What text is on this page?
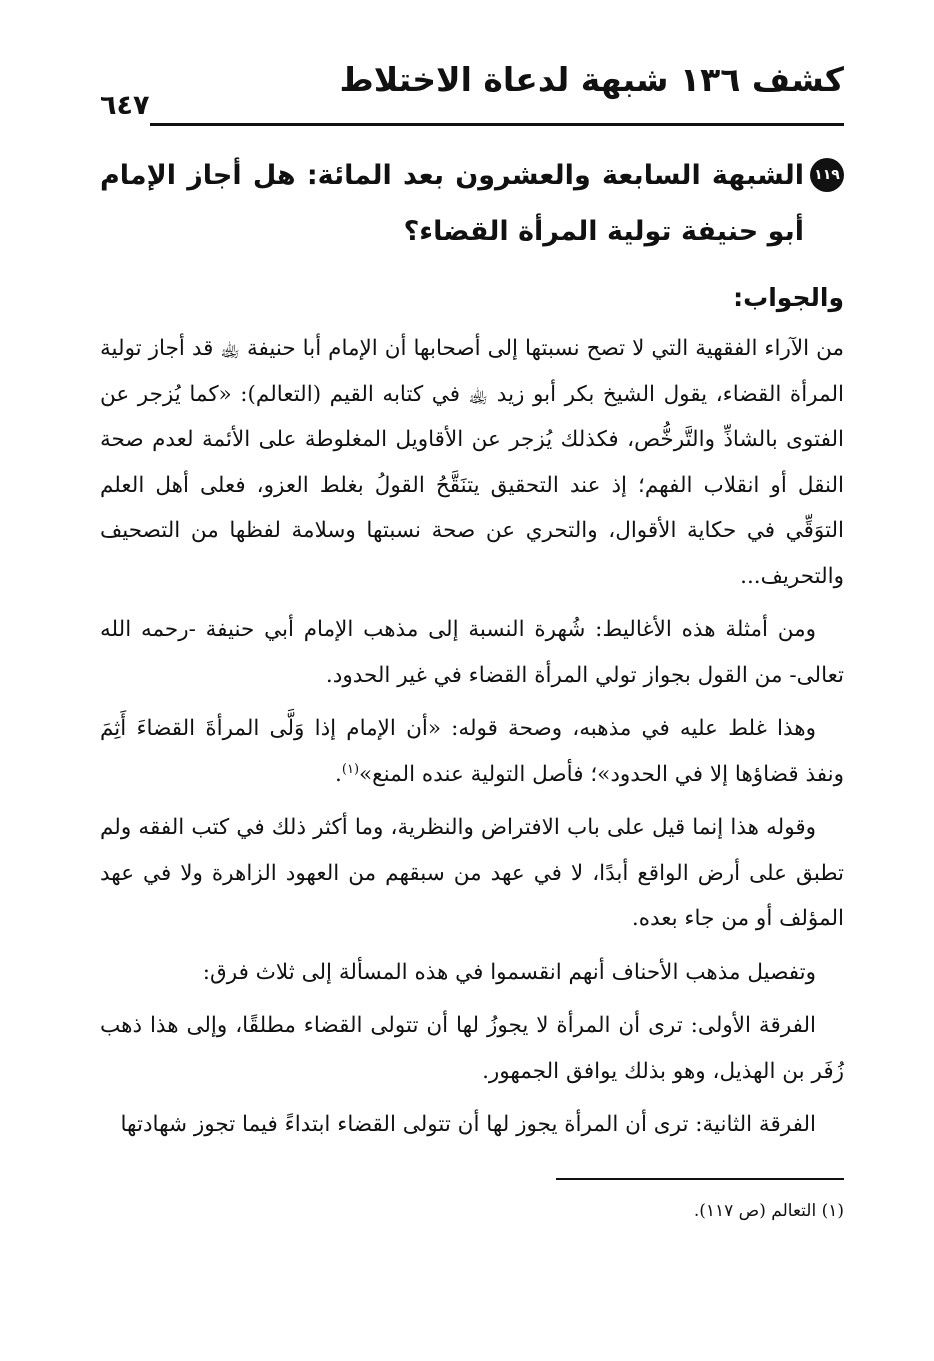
كشف ١٣٦ شبهة لدعاة الاختلاط
٦٤٧
١١٩
الشبهة السابعة والعشرون بعد المائة: هل أجاز الإمام أبو حنيفة تولية المرأة القضاء؟

والجواب:

من الآراء الفقهية التي لا تصح نسبتها إلى أصحابها أن الإمام أبا حنيفة ﵀ قد أجاز تولية المرأة القضاء، يقول الشيخ بكر أبو زيد ﵀ في كتابه القيم (التعالم): «كما يُزجر عن الفتوى بالشاذِّ والتَّرخُّص، فكذلك يُزجر عن الأقاويل المغلوطة على الأئمة لعدم صحة النقل أو انقلاب الفهم؛ إذ عند التحقيق يتنَقَّحُ القولُ بغلط العزو، فعلى أهل العلم التوَقِّي في حكاية الأقوال، والتحري عن صحة نسبتها وسلامة لفظها من التصحيف والتحريف...

ومن أمثلة هذه الأغاليط: شُهرة النسبة إلى مذهب الإمام أبي حنيفة -رحمه الله تعالى- من القول بجواز تولي المرأة القضاء في غير الحدود.

وهذا غلط عليه في مذهبه، وصحة قوله: «أن الإمام إذا وَلَّى المرأةَ القضاءَ أَثِمَ ونفذ قضاؤها إلا في الحدود»؛ فأصل التولية عنده المنع»$^{(١)}$.

وقوله هذا إنما قيل على باب الافتراض والنظرية، وما أكثر ذلك في كتب الفقه ولم تطبق على أرض الواقع أبدًا، لا في عهد من سبقهم من العهود الزاهرة ولا في عهد المؤلف أو من جاء بعده.

وتفصيل مذهب الأحناف أنهم انقسموا في هذه المسألة إلى ثلاث فرق:

الفرقة الأولى: ترى أن المرأة لا يجوزُ لها أن تتولى القضاء مطلقًا، وإلى هذا ذهب زُفَر بن الهذيل، وهو بذلك يوافق الجمهور.

الفرقة الثانية: ترى أن المرأة يجوز لها أن تتولى القضاء ابتداءً فيما تجوز شهادتها

(١) التعالم (ص ١١٧).
